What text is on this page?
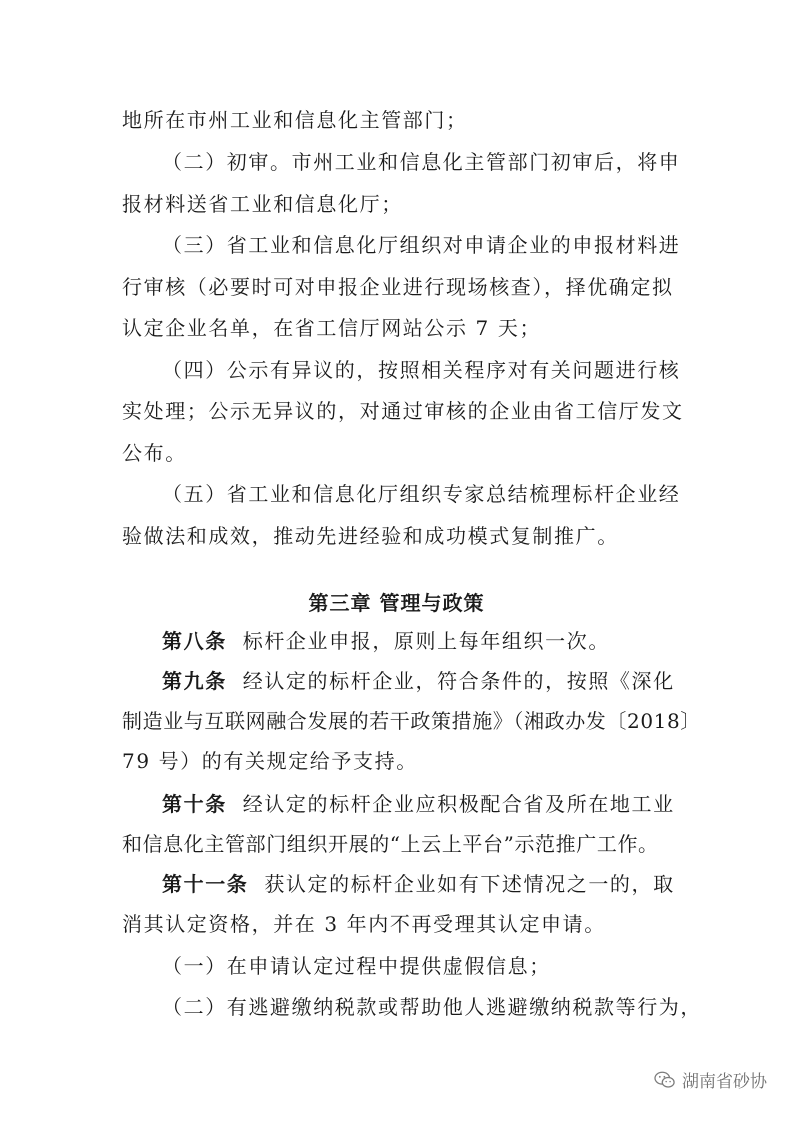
地所在市州工业和信息化主管部门；
（二）初审。市州工业和信息化主管部门初审后，将申
报材料送省工业和信息化厅；
（三）省工业和信息化厅组织对申请企业的申报材料进
行审核（必要时可对申报企业进行现场核查），择优确定拟
认定企业名单，在省工信厅网站公示 7 天；
（四）公示有异议的，按照相关程序对有关问题进行核
实处理；公示无异议的，对通过审核的企业由省工信厅发文
公布。
（五）省工业和信息化厅组织专家总结梳理标杆企业经
验做法和成效，推动先进经验和成功模式复制推广。
第三章 管理与政策
第八条 标杆企业申报，原则上每年组织一次。
第九条 经认定的标杆企业，符合条件的，按照《深化
制造业与互联网融合发展的若干政策措施》（湘政办发〔2018〕
79 号）的有关规定给予支持。
第十条 经认定的标杆企业应积极配合省及所在地工业
和信息化主管部门组织开展的“上云上平台”示范推广工作。
第十一条 获认定的标杆企业如有下述情况之一的，取
消其认定资格，并在 3 年内不再受理其认定申请。
（一）在申请认定过程中提供虚假信息；
（二）有逃避缴纳税款或帮助他人逃避缴纳税款等行为，
湖南省砂协
